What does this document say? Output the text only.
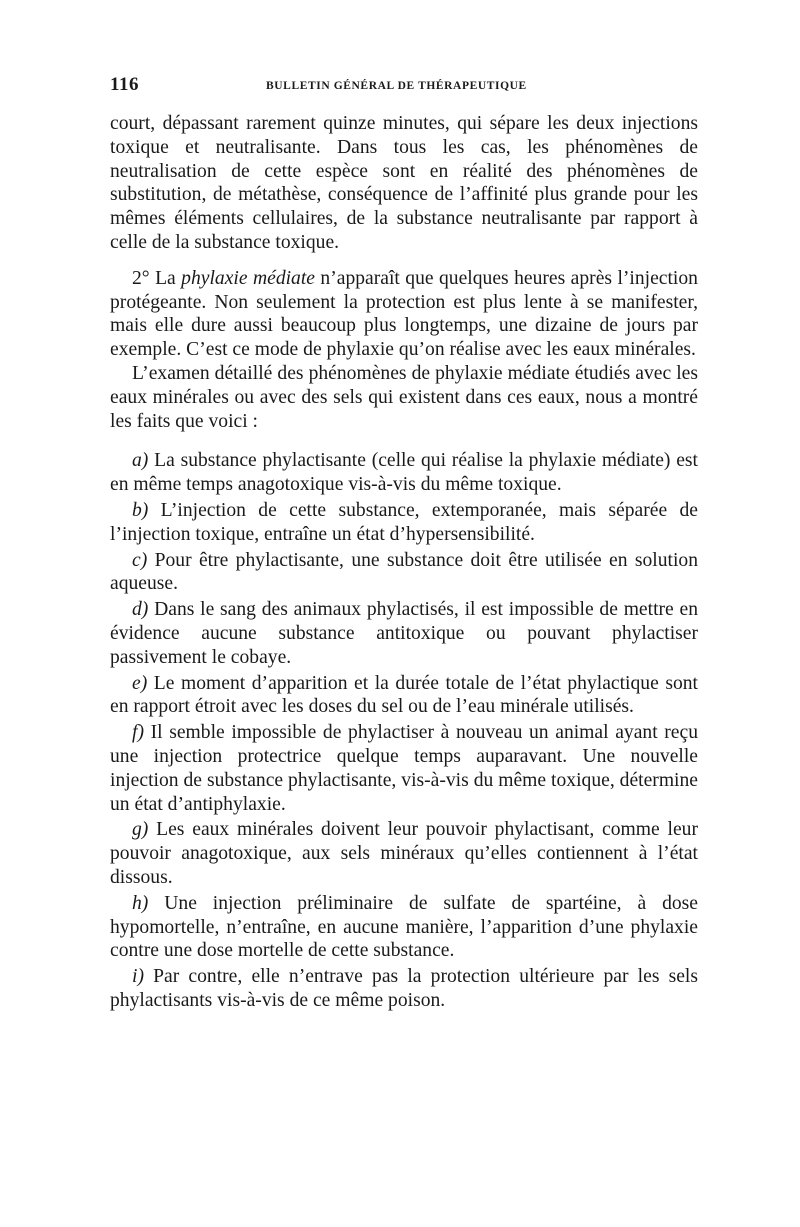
116	BULLETIN GÉNÉRAL DE THÉRAPEUTIQUE

court, dépassant rarement quinze minutes, qui sépare les deux injections toxique et neutralisante. Dans tous les cas, les phénomènes de neutralisation de cette espèce sont en réalité des phénomènes de substitution, de métathèse, conséquence de l’affinité plus grande pour les mêmes éléments cellulaires, de la substance neutralisante par rapport à celle de la substance toxique.

2° La phylaxie médiate n’apparaît que quelques heures après l’injection protégeante. Non seulement la protection est plus lente à se manifester, mais elle dure aussi beaucoup plus longtemps, une dizaine de jours par exemple. C’est ce mode de phylaxie qu’on réalise avec les eaux minérales.

L’examen détaillé des phénomènes de phylaxie médiate étudiés avec les eaux minérales ou avec des sels qui existent dans ces eaux, nous a montré les faits que voici :

a) La substance phylactisante (celle qui réalise la phylaxie médiate) est en même temps anagotoxique vis-à-vis du même toxique.

b) L’injection de cette substance, extemporanée, mais séparée de l’injection toxique, entraîne un état d’hypersensibilité.

c) Pour être phylactisante, une substance doit être utilisée en solution aqueuse.

d) Dans le sang des animaux phylactisés, il est impossible de mettre en évidence aucune substance antitoxique ou pouvant phylactiser passivement le cobaye.

e) Le moment d’apparition et la durée totale de l’état phylactique sont en rapport étroit avec les doses du sel ou de l’eau minérale utilisés.

f) Il semble impossible de phylactiser à nouveau un animal ayant reçu une injection protectrice quelque temps auparavant. Une nouvelle injection de substance phylactisante, vis-à-vis du même toxique, détermine un état d’antiphylaxie.

g) Les eaux minérales doivent leur pouvoir phylactisant, comme leur pouvoir anagotoxique, aux sels minéraux qu’elles contiennent à l’état dissous.

h) Une injection préliminaire de sulfate de spartéine, à dose hypomortelle, n’entraîne, en aucune manière, l’apparition d’une phylaxie contre une dose mortelle de cette substance.

i) Par contre, elle n’entrave pas la protection ultérieure par les sels phylactisants vis-à-vis de ce même poison.
